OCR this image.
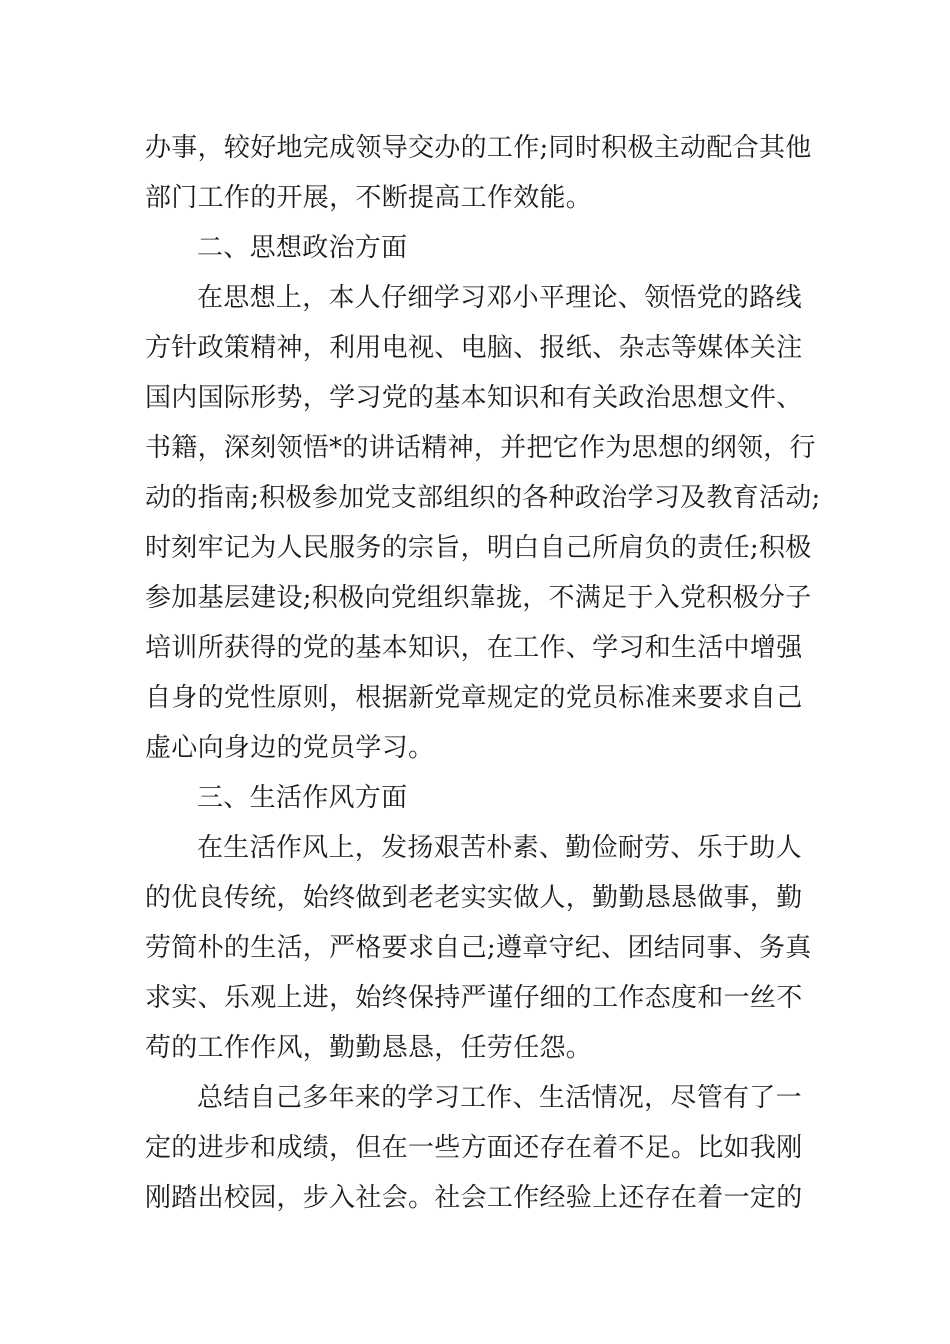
办事，较好地完成领导交办的工作;同时积极主动配合其他

部门工作的开展，不断提高工作效能。

二、思想政治方面

在思想上，本人仔细学习邓小平理论、领悟党的路线

方针政策精神，利用电视、电脑、报纸、杂志等媒体关注

国内国际形势，学习党的基本知识和有关政治思想文件、

书籍，深刻领悟*的讲话精神，并把它作为思想的纲领，行

动的指南;积极参加党支部组织的各种政治学习及教育活动;

时刻牢记为人民服务的宗旨，明白自己所肩负的责任;积极

参加基层建设;积极向党组织靠拢，不满足于入党积极分子

培训所获得的党的基本知识，在工作、学习和生活中增强

自身的党性原则，根据新党章规定的党员标准来要求自己

虚心向身边的党员学习。

三、生活作风方面

在生活作风上，发扬艰苦朴素、勤俭耐劳、乐于助人

的优良传统，始终做到老老实实做人，勤勤恳恳做事，勤

劳简朴的生活，严格要求自己;遵章守纪、团结同事、务真

求实、乐观上进，始终保持严谨仔细的工作态度和一丝不

苟的工作作风，勤勤恳恳，任劳任怨。

总结自己多年来的学习工作、生活情况，尽管有了一

定的进步和成绩，但在一些方面还存在着不足。比如我刚

刚踏出校园，步入社会。社会工作经验上还存在着一定的
